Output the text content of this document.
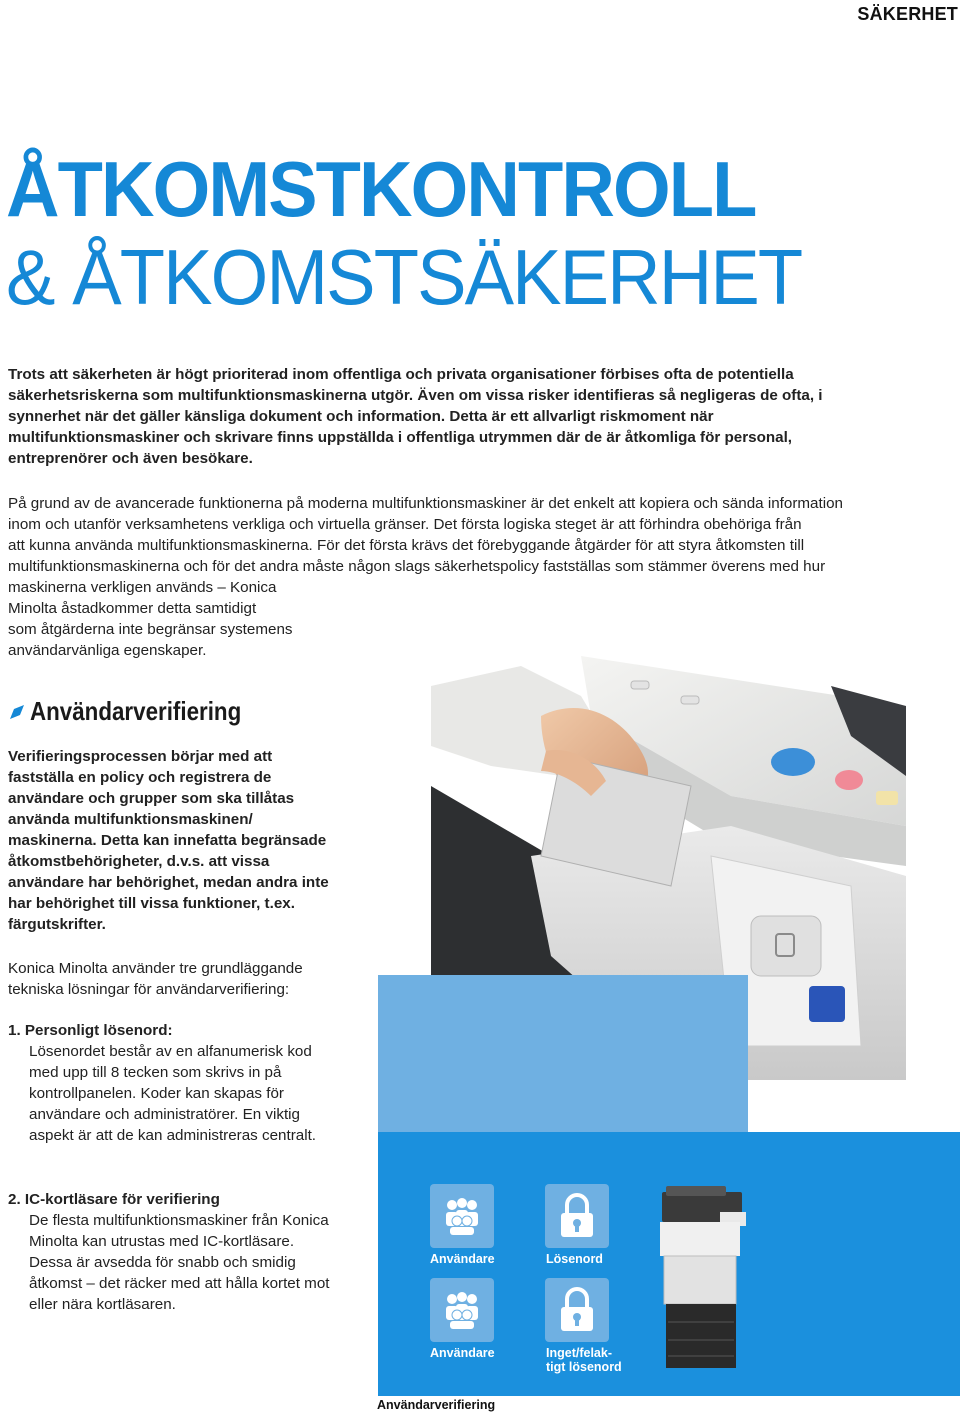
SÄKERHET
ÅTKOMSTKONTROLL
& ÅTKOMSTSÄKERHET
Trots att säkerheten är högt prioriterad inom offentliga och privata organisationer förbises ofta de potentiella säkerhetsriskerna som multifunktionsmaskinerna utgör. Även om vissa risker identifieras så negligeras de ofta, i synnerhet när det gäller känsliga dokument och information. Detta är ett allvarligt riskmoment när multifunktionsmaskiner och skrivare finns uppställda i offentliga utrymmen där de är åtkomliga för personal, entreprenörer och även besökare.
På grund av de avancerade funktionerna på moderna multifunktionsmaskiner är det enkelt att kopiera och sända information
inom och utanför verksamhetens verkliga och virtuella gränser. Det första logiska steget är att förhindra obehöriga från
att kunna använda multifunktionsmaskinerna. För det första krävs det förebyggande åtgärder för att styra åtkomsten till
multifunktionsmaskinerna och för det andra måste någon slags säkerhetspolicy fastställas som stämmer överens med hur
maskinerna verkligen används – Konica
Minolta åstadkommer detta samtidigt
som åtgärderna inte begränsar systemens
användarvänliga egenskaper.
Användarverifiering
Verifieringsprocessen börjar med att fastställa en policy och registrera de användare och grupper som ska tillåtas använda multifunktionsmaskinen/ maskinerna. Detta kan innefatta begränsade åtkomstbehörigheter, d.v.s. att vissa användare har behörighet, medan andra inte har behörighet till vissa funktioner, t.ex. färgutskrifter.
Konica Minolta använder tre grundläggande tekniska lösningar för användarverifiering:
1. Personligt lösenord:
Lösenordet består av en alfanumerisk kod med upp till 8 tecken som skrivs in på kontrollpanelen. Koder kan skapas för användare och administratörer. En viktig aspekt är att de kan administreras centralt.
2. IC-kortläsare för verifiering
De flesta multifunktionsmaskiner från Konica Minolta kan utrustas med IC-kortläsare. Dessa är avsedda för snabb och smidig åtkomst – det räcker med att hålla kortet mot eller nära kortläsaren.
Användare	Lösenord
Användare	Inget/felak-
tigt lösenord
Användarverifiering
